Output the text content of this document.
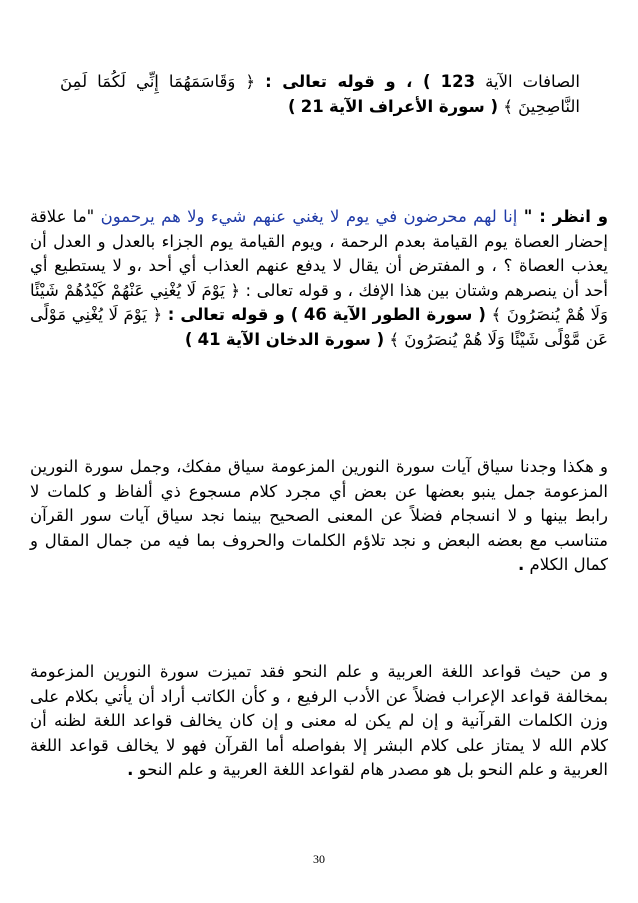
الصافات الآية 123 ) ، و قوله تعالى : ﴿ وَقَاسَمَهُمَا إِنِّي لَكُمَا لَمِنَ النَّاصِحِينَ ﴾ ( سورة الأعراف الآية 21 )

و انظر : " إنا لهم محرضون في يوم لا يغني عنهم شيء ولا هم يرحمون "ما علاقة إحضار العصاة يوم القيامة بعدم الرحمة ، ويوم القيامة يوم الجزاء بالعدل و العدل أن يعذب العصاة ؟ ، و المفترض أن يقال لا يدفع عنهم العذاب أي أحد ،و لا يستطيع أي أحد أن ينصرهم وشتان بين هذا الإفك ، و قوله تعالى : ﴿ يَوْمَ لَا يُغْنِي عَنْهُمْ كَيْدُهُمْ شَيْئًا وَلَا هُمْ يُنصَرُونَ ﴾ ( سورة الطور الآية 46 ) و قوله تعالى : ﴿ يَوْمَ لَا يُغْنِي مَوْلًى عَن مَّوْلًى شَيْئًا وَلَا هُمْ يُنصَرُونَ ﴾ ( سورة الدخان الآية 41 )

و هكذا وجدنا سياق آيات سورة النورين المزعومة سياق مفكك، وجمل سورة النورين المزعومة جمل ينبو بعضها عن بعض أي مجرد كلام مسجوع ذي ألفاظ و كلمات لا رابط بينها و لا انسجام فضلاً عن المعنى الصحيح بينما نجد سياق آيات سور القرآن متناسب مع بعضه البعض و نجد تلاؤم الكلمات والحروف بما فيه من جمال المقال و كمال الكلام .

و من حيث قواعد اللغة العربية و علم النحو فقد تميزت سورة النورين المزعومة بمخالفة قواعد الإعراب فضلاً عن الأدب الرفيع ، و كأن الكاتب أراد أن يأتي بكلام على وزن الكلمات القرآنية و إن لم يكن له معنى و إن كان يخالف قواعد اللغة لظنه أن كلام الله لا يمتاز على كلام البشر إلا بفواصله أما القرآن فهو لا يخالف قواعد اللغة العربية و علم النحو بل هو مصدر هام لقواعد اللغة العربية و علم النحو .

30
